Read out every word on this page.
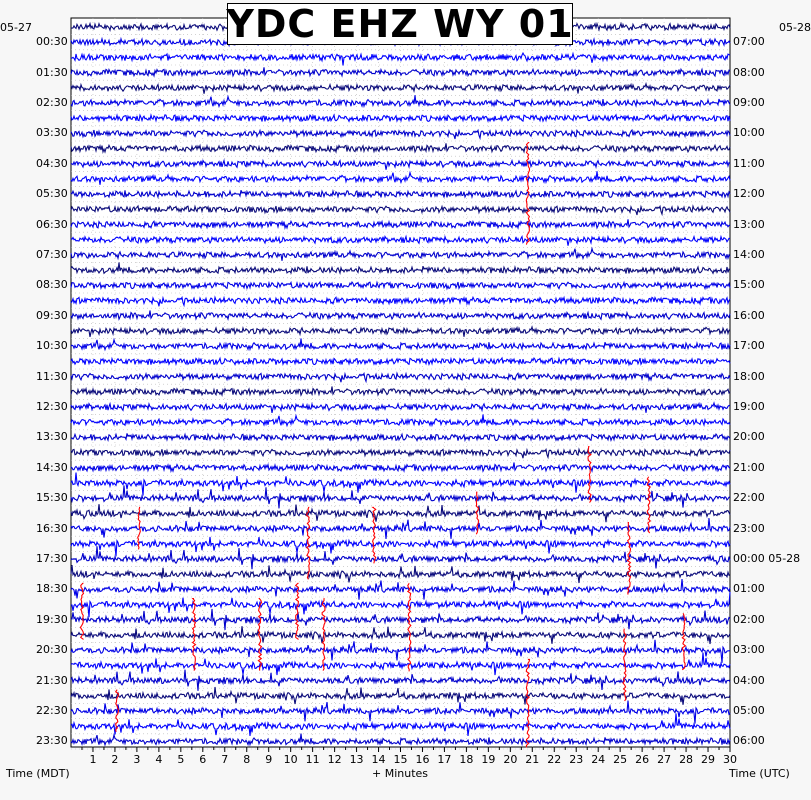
YDC EHZ WY 01
05-27	05-28
Time (MDT)	+ Minutes	Time (UTC)
00:30
01:30
02:30
03:30
04:30
05:30
06:30
07:30
08:30
09:30
10:30
11:30
12:30
13:30
14:30
15:30
16:30
17:30
18:30
19:30
20:30
21:30
22:30
23:30
07:00
08:00
09:00
10:00
11:00
12:00
13:00
14:00
15:00
16:00
17:00
18:00
19:00
20:00
21:00
22:00
23:00
00:00 05-28
01:00
02:00
03:00
04:00
05:00
06:00
1 2 3 4 5 6 7 8 9 10 11 12 13 14 15 16 17 18 19 20 21 22 23 24 25 26 27 28 29 30
